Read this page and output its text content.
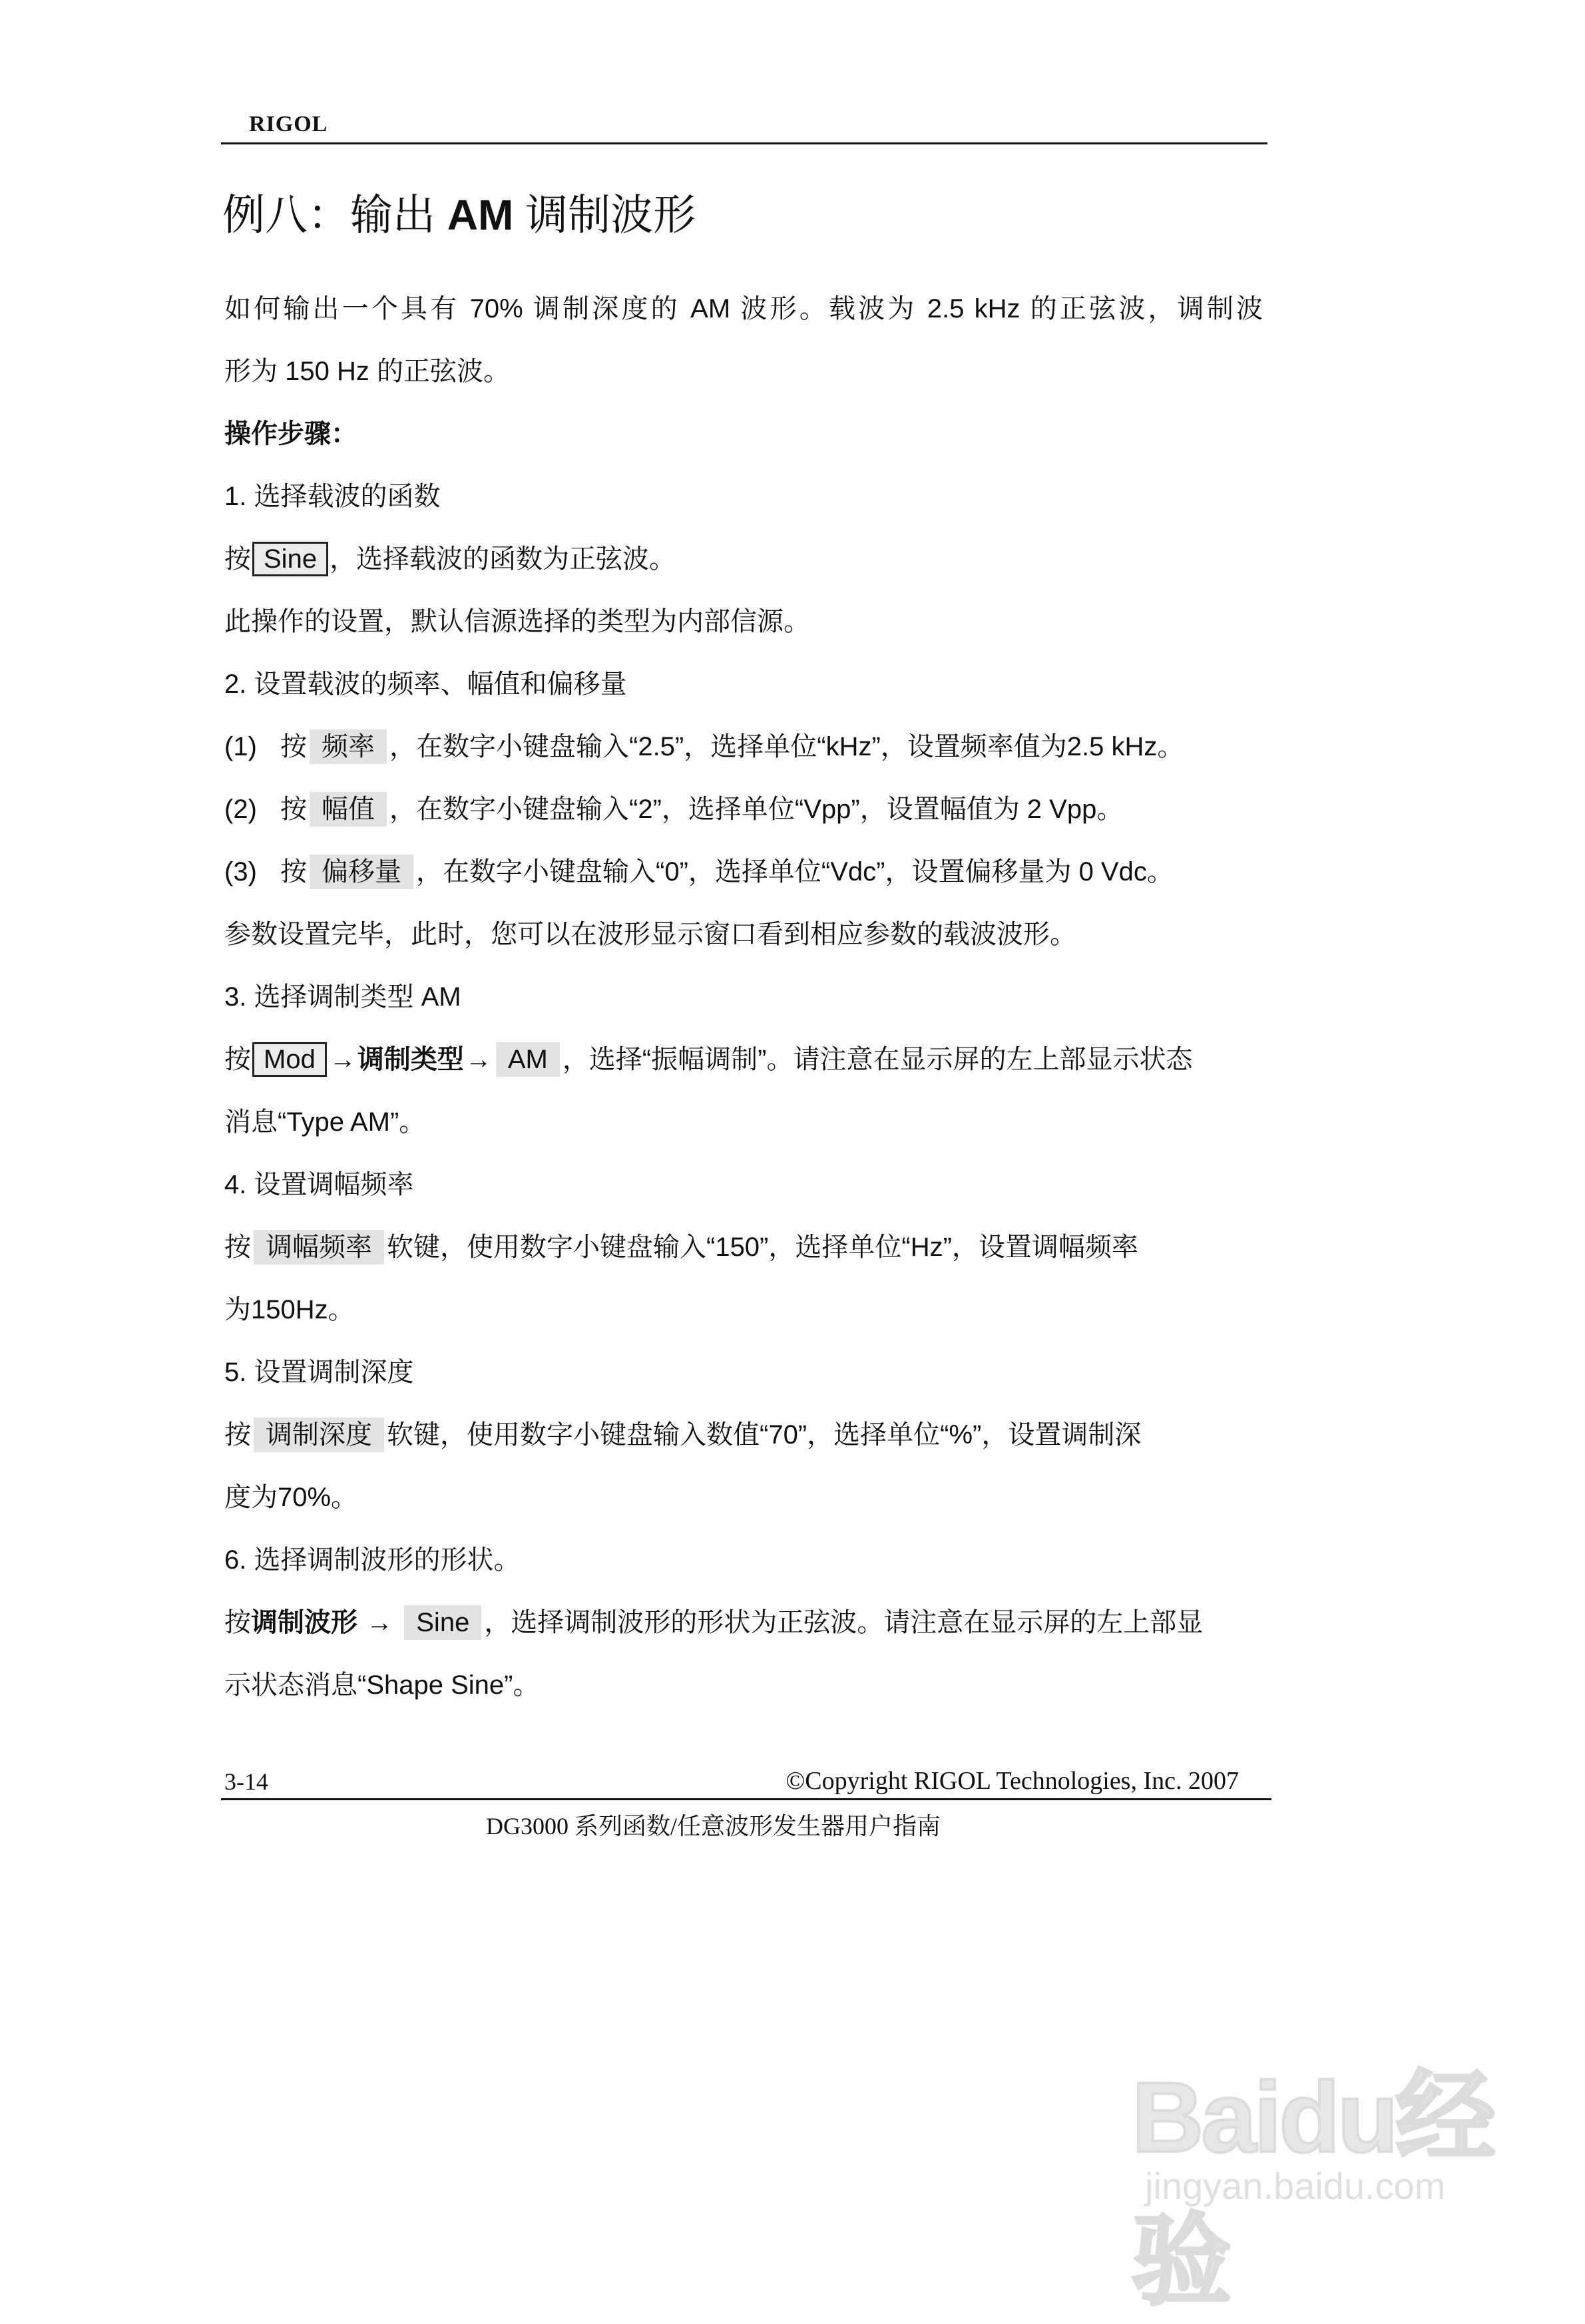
RIGOL
例八：输出 AM 调制波形
如何输出一个具有 70% 调制深度的 AM 波形。载波为 2.5 kHz 的正弦波，调制波
形为 150 Hz 的正弦波。
操作步骤：
1. 选择载波的函数
按 Sine ，选择载波的函数为正弦波。
此操作的设置，默认信源选择的类型为内部信源。
2. 设置载波的频率、幅值和偏移量
(1) 按 频率 ，在数字小键盘输入“2.5”，选择单位“kHz”，设置频率值为2.5 kHz。
(2) 按 幅值 ，在数字小键盘输入“2”，选择单位“Vpp”，设置幅值为 2 Vpp。
(3) 按 偏移量 ，在数字小键盘输入“0”，选择单位“Vdc”，设置偏移量为 0 Vdc。
参数设置完毕，此时，您可以在波形显示窗口看到相应参数的载波波形。
3. 选择调制类型 AM
按 Mod →调制类型→ AM ，选择“振幅调制”。请注意在显示屏的左上部显示状态
消息“Type AM”。
4. 设置调幅频率
按 调幅频率 软键，使用数字小键盘输入“150”，选择单位“Hz”，设置调幅频率
为150Hz。
5. 设置调制深度
按 调制深度 软键，使用数字小键盘输入数值“70”，选择单位“%”，设置调制深
度为70%。
6. 选择调制波形的形状。
按调制波形 → Sine ，选择调制波形的形状为正弦波。请注意在显示屏的左上部显
示状态消息“Shape Sine”。
3-14	©Copyright RIGOL Technologies, Inc. 2007
DG3000 系列函数/任意波形发生器用户指南
Baidu经验
jingyan.baidu.com
